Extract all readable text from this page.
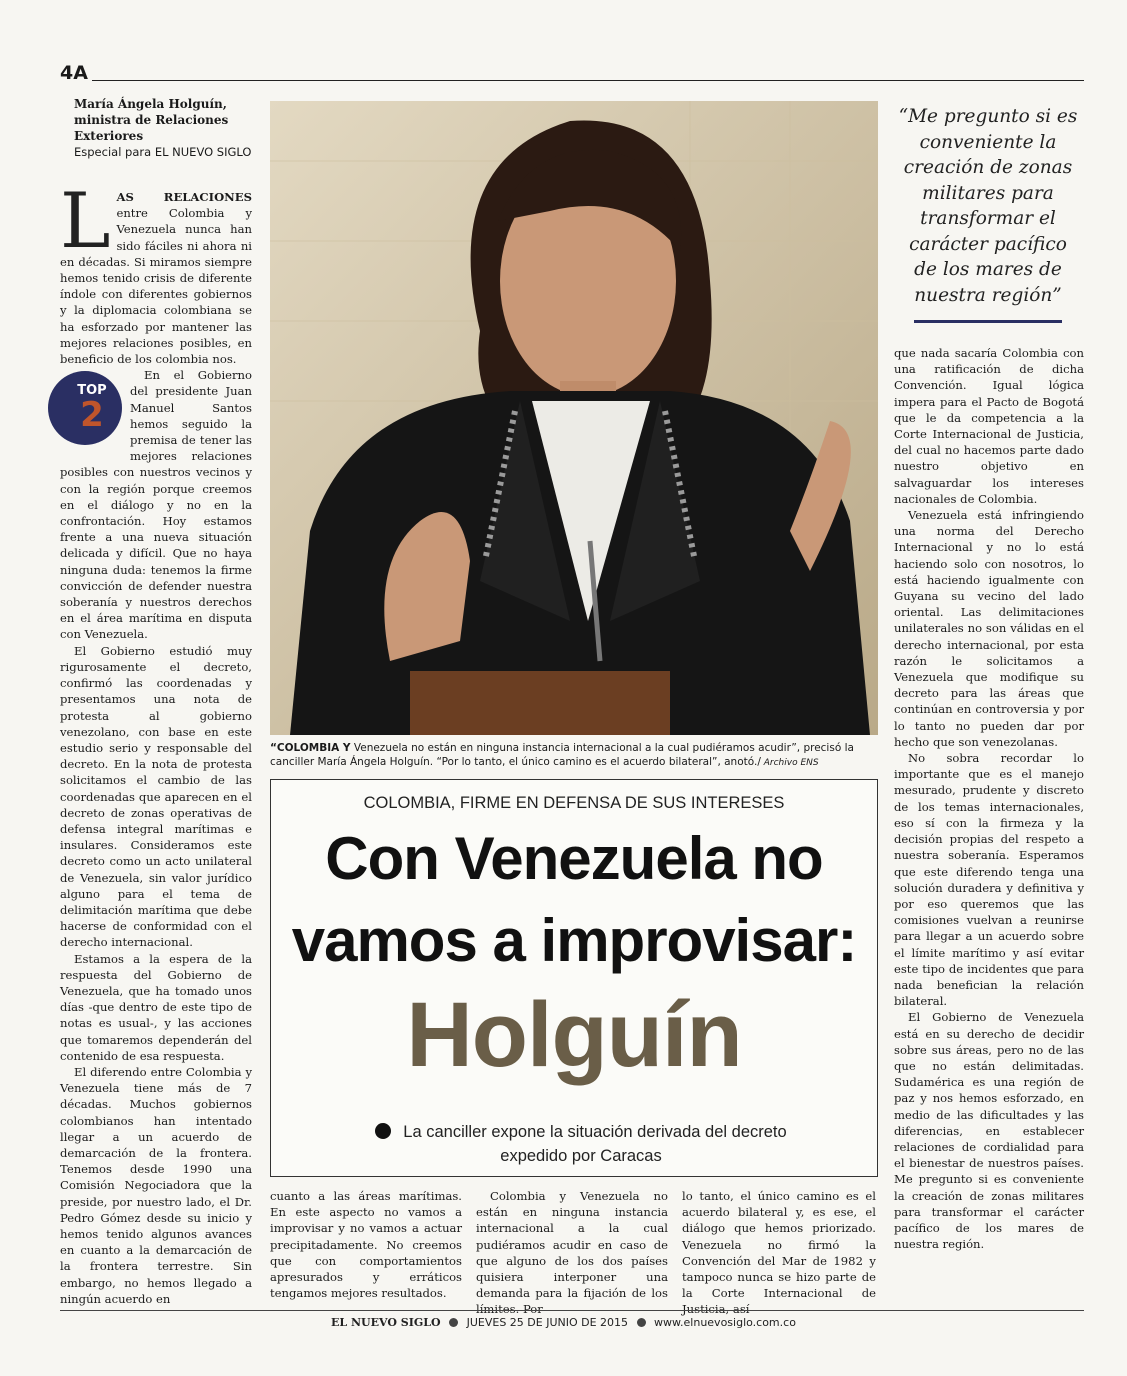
4A
María Ángela Holguín,
ministra de Relaciones
Exteriores
Especial para EL NUEVO SIGLO

LAS RELACIONES entre Colombia y Venezuela nunca han sido fáciles ni ahora ni en décadas. Si miramos siempre hemos tenido crisis de diferente índole con diferentes gobiernos y la diplomacia colombiana se ha esforzado por mantener las mejores relaciones posibles, en beneficio de los colombia nos.

TOP
2
En el Gobierno del presidente Juan Manuel Santos hemos seguido la premisa de tener las mejores relaciones posibles con nuestros vecinos y con la región porque creemos en el diálogo y no en la confrontación. Hoy estamos frente a una nueva situación delicada y difícil. Que no haya ninguna duda: tenemos la firme convicción de defender nuestra soberanía y nuestros derechos en el área marítima en disputa con Venezuela.

El Gobierno estudió muy rigurosamente el decreto, confirmó las coordenadas y presentamos una nota de protesta al gobierno venezolano, con base en este estudio serio y responsable del decreto. En la nota de protesta solicitamos el cambio de las coordenadas que aparecen en el decreto de zonas operativas de defensa integral marítimas e insulares. Consideramos este decreto como un acto unilateral de Venezuela, sin valor jurídico alguno para el tema de delimitación marítima que debe hacerse de conformidad con el derecho internacional.

Estamos a la espera de la respuesta del Gobierno de Venezuela, que ha tomado unos días -que dentro de este tipo de notas es usual-, y las acciones que tomaremos dependerán del contenido de esa respuesta.

El diferendo entre Colombia y Venezuela tiene más de 7 décadas. Muchos gobiernos colombianos han intentado llegar a un acuerdo de demarcación de la frontera. Tenemos desde 1990 una Comisión Negociadora que la preside, por nuestro lado, el Dr. Pedro Gómez desde su inicio y hemos tenido algunos avances en cuanto a la demarcación de la frontera terrestre. Sin embargo, no hemos llegado a ningún acuerdo en

“COLOMBIA Y Venezuela no están en ninguna instancia internacional a la cual pudiéramos acudir”, precisó la canciller María Ángela Holguín. “Por lo tanto, el único camino es el acuerdo bilateral”, anotó./ Archivo ENS
“Me pregunto si es conveniente la creación de zonas militares para transformar el carácter pacífico de los mares de nuestra región”

que nada sacaría Colombia con una ratificación de dicha Convención. Igual lógica impera para el Pacto de Bogotá que le da competencia a la Corte Internacional de Justicia, del cual no hacemos parte dado nuestro objetivo en salvaguardar los intereses nacionales de Colombia.

Venezuela está infringiendo una norma del Derecho Internacional y no lo está haciendo solo con nosotros, lo está haciendo igualmente con Guyana su vecino del lado oriental. Las delimitaciones unilaterales no son válidas en el derecho internacional, por esta razón le solicitamos a Venezuela que modifique su decreto para las áreas que continúan en controversia y por lo tanto no pueden dar por hecho que son venezolanas.

No sobra recordar lo importante que es el manejo mesurado, prudente y discreto de los temas internacionales, eso sí con la firmeza y la decisión propias del respeto a nuestra soberanía. Esperamos que este diferendo tenga una solución duradera y definitiva y por eso queremos que las comisiones vuelvan a reunirse para llegar a un acuerdo sobre el límite marítimo y así evitar este tipo de incidentes que para nada benefician la relación bilateral.

El Gobierno de Venezuela está en su derecho de decidir sobre sus áreas, pero no de las que no están delimitadas. Sudamérica es una región de paz y nos hemos esforzado, en medio de las dificultades y las diferencias, en establecer relaciones de cordialidad para el bienestar de nuestros países. Me pregunto si es conveniente la creación de zonas militares para transformar el carácter pacífico de los mares de nuestra región.

COLOMBIA, FIRME EN DEFENSA DE SUS INTERESES
Con Venezuela no
vamos a improvisar:
Holguín
La canciller expone la situación derivada del decreto
expedido por Caracas

cuanto a las áreas marítimas. En este aspecto no vamos a improvisar y no vamos a actuar precipitadamente. No creemos que con comportamientos apresurados y erráticos tengamos mejores resultados.

Colombia y Venezuela no están en ninguna instancia internacional a la cual pudiéramos acudir en caso de que alguno de los dos países quisiera interponer una demanda para la fijación de los límites. Por

lo tanto, el único camino es el acuerdo bilateral y, es ese, el diálogo que hemos priorizado. Venezuela no firmó la Convención del Mar de 1982 y tampoco nunca se hizo parte de la Corte Internacional de Justicia, así

EL NUEVO SIGLO JUEVES 25 DE JUNIO DE 2015 www.elnuevosiglo.com.co
